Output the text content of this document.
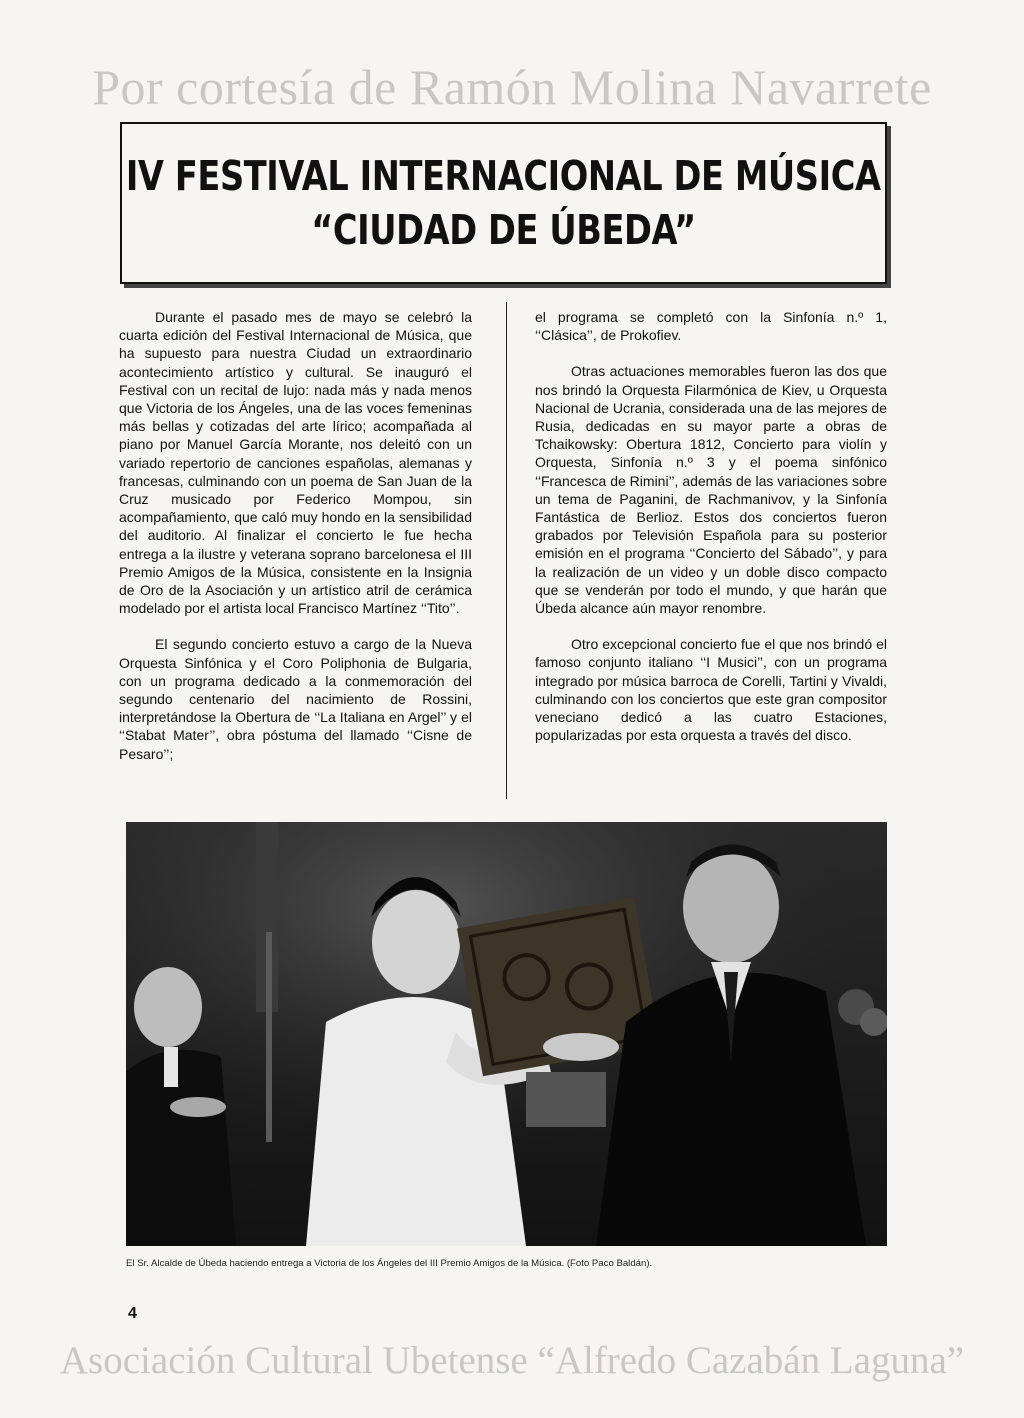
Por cortesía de Ramón Molina Navarrete
IV FESTIVAL INTERNACIONAL DE MÚSICA
“CIUDAD DE ÚBEDA”

Durante el pasado mes de mayo se celebró la cuarta edición del Festival Internacional de Música, que ha supuesto para nuestra Ciudad un extraordinario acontecimiento artístico y cultural. Se inauguró el Festival con un recital de lujo: nada más y nada menos que Victoria de los Ángeles, una de las voces femeninas más bellas y cotizadas del arte lírico; acompañada al piano por Manuel García Morante, nos deleitó con un variado repertorio de canciones españolas, alemanas y francesas, culminando con un poema de San Juan de la Cruz musicado por Federico Mompou, sin acompañamiento, que caló muy hondo en la sensibilidad del auditorio. Al finalizar el concierto le fue hecha entrega a la ilustre y veterana soprano barcelonesa el III Premio Amigos de la Música, consistente en la Insignia de Oro de la Asociación y un artístico atril de cerámica modelado por el artista local Francisco Martínez ‘‘Tito’’.

El segundo concierto estuvo a cargo de la Nueva Orquesta Sinfónica y el Coro Poliphonia de Bulgaria, con un programa dedicado a la conmemoración del segundo centenario del nacimiento de Rossini, interpretándose la Obertura de ‘‘La Italiana en Argel’’ y el ‘‘Stabat Mater’’, obra póstuma del llamado ‘‘Cisne de Pesaro’’;

el programa se completó con la Sinfonía n.º 1, ‘‘Clásica’’, de Prokofiev.

Otras actuaciones memorables fueron las dos que nos brindó la Orquesta Filarmónica de Kiev, u Orquesta Nacional de Ucrania, considerada una de las mejores de Rusia, dedicadas en su mayor parte a obras de Tchaikowsky: Obertura 1812, Concierto para violín y Orquesta, Sinfonía n.º 3 y el poema sinfónico ‘‘Francesca de Rimini’’, además de las variaciones sobre un tema de Paganini, de Rachmanivov, y la Sinfonía Fantástica de Berlioz. Estos dos conciertos fueron grabados por Televisión Española para su posterior emisión en el programa ‘‘Concierto del Sábado’’, y para la realización de un video y un doble disco compacto que se venderán por todo el mundo, y que harán que Úbeda alcance aún mayor renombre.

Otro excepcional concierto fue el que nos brindó el famoso conjunto italiano ‘‘I Musici’’, con un programa integrado por música barroca de Corelli, Tartini y Vivaldi, culminando con los conciertos que este gran compositor veneciano dedicó a las cuatro Estaciones, popularizadas por esta orquesta a través del disco.

El Sr. Alcalde de Úbeda haciendo entrega a Victoria de los Ángeles del III Premio Amigos de la Música. (Foto Paco Baldán).
4
Asociación Cultural Ubetense “Alfredo Cazabán Laguna”
